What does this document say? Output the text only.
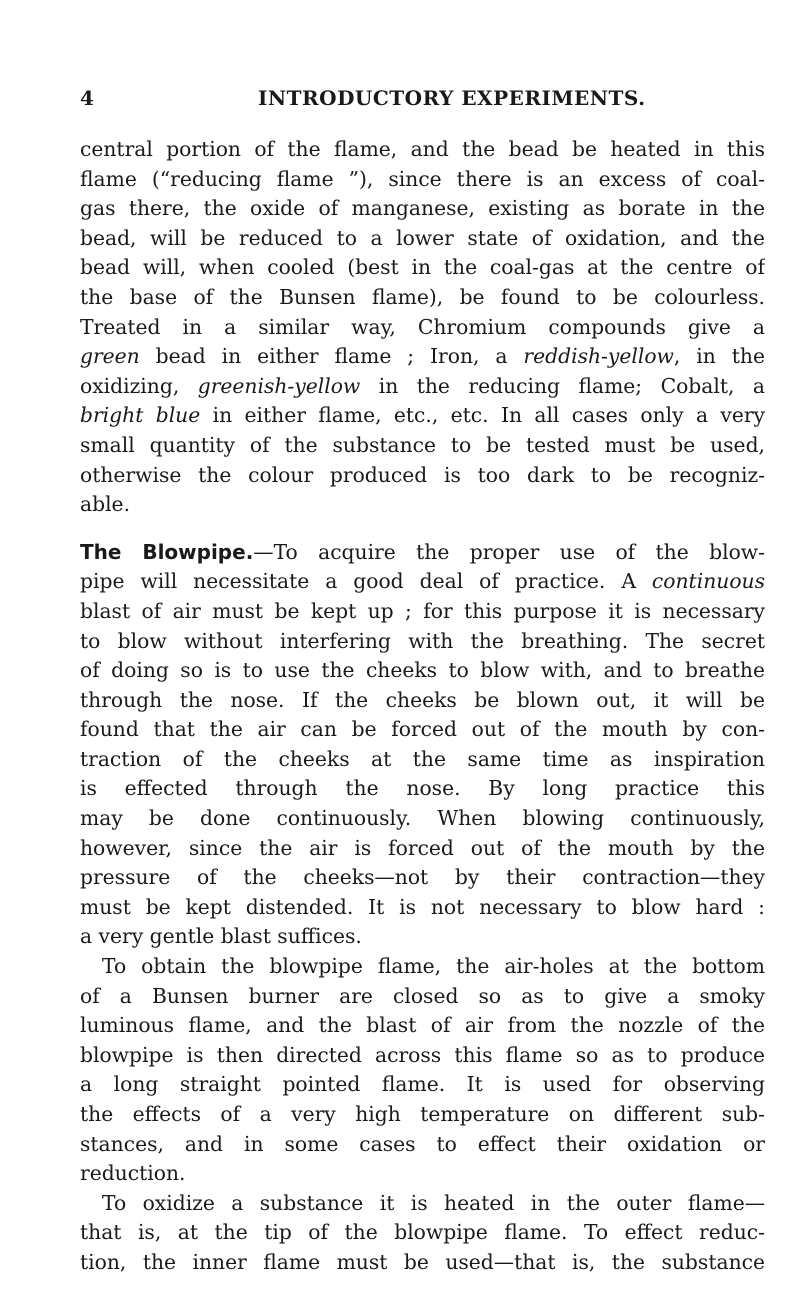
4	INTRODUCTORY EXPERIMENTS.
central portion of the flame, and the bead be heated in this
flame (“reducing flame ”), since there is an excess of coal-
gas there, the oxide of manganese, existing as borate in the
bead, will be reduced to a lower state of oxidation, and the
bead will, when cooled (best in the coal-gas at the centre of
the base of the Bunsen flame), be found to be colourless.
Treated in a similar way, Chromium compounds give a
green bead in either flame ; Iron, a reddish-yellow, in the
oxidizing, greenish-yellow in the reducing flame; Cobalt, a
bright blue in either flame, etc., etc. In all cases only a very
small quantity of the substance to be tested must be used,
otherwise the colour produced is too dark to be recogniz-
able.
The Blowpipe.—To acquire the proper use of the blow-
pipe will necessitate a good deal of practice. A continuous
blast of air must be kept up ; for this purpose it is necessary
to blow without interfering with the breathing. The secret
of doing so is to use the cheeks to blow with, and to breathe
through the nose. If the cheeks be blown out, it will be
found that the air can be forced out of the mouth by con-
traction of the cheeks at the same time as inspiration
is effected through the nose. By long practice this
may be done continuously. When blowing continuously,
however, since the air is forced out of the mouth by the
pressure of the cheeks—not by their contraction—they
must be kept distended. It is not necessary to blow hard :
a very gentle blast suffices.
To obtain the blowpipe flame, the air-holes at the bottom
of a Bunsen burner are closed so as to give a smoky
luminous flame, and the blast of air from the nozzle of the
blowpipe is then directed across this flame so as to produce
a long straight pointed flame. It is used for observing
the effects of a very high temperature on different sub-
stances, and in some cases to effect their oxidation or
reduction.
To oxidize a substance it is heated in the outer flame—
that is, at the tip of the blowpipe flame. To effect reduc-
tion, the inner flame must be used—that is, the substance
